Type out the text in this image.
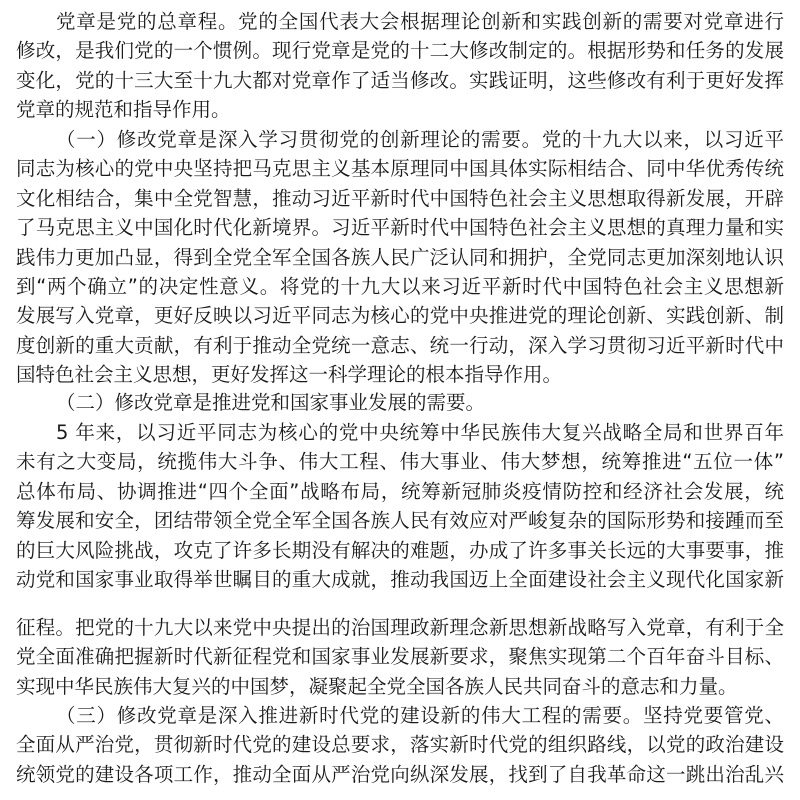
党章是党的总章程。党的全国代表大会根据理论创新和实践创新的需要对党章进行
修改，是我们党的一个惯例。现行党章是党的十二大修改制定的。根据形势和任务的发展
变化，党的十三大至十九大都对党章作了适当修改。实践证明，这些修改有利于更好发挥
党章的规范和指导作用。
（一）修改党章是深入学习贯彻党的创新理论的需要。党的十九大以来，以习近平
同志为核心的党中央坚持把马克思主义基本原理同中国具体实际相结合、同中华优秀传统
文化相结合，集中全党智慧，推动习近平新时代中国特色社会主义思想取得新发展，开辟
了马克思主义中国化时代化新境界。习近平新时代中国特色社会主义思想的真理力量和实
践伟力更加凸显，得到全党全军全国各族人民广泛认同和拥护，全党同志更加深刻地认识
到“两个确立”的决定性意义。将党的十九大以来习近平新时代中国特色社会主义思想新
发展写入党章，更好反映以习近平同志为核心的党中央推进党的理论创新、实践创新、制
度创新的重大贡献，有利于推动全党统一意志、统一行动，深入学习贯彻习近平新时代中
国特色社会主义思想，更好发挥这一科学理论的根本指导作用。
（二）修改党章是推进党和国家事业发展的需要。
5 年来，以习近平同志为核心的党中央统筹中华民族伟大复兴战略全局和世界百年
未有之大变局，统揽伟大斗争、伟大工程、伟大事业、伟大梦想，统筹推进“五位一体”
总体布局、协调推进“四个全面”战略布局，统筹新冠肺炎疫情防控和经济社会发展，统
筹发展和安全，团结带领全党全军全国各族人民有效应对严峻复杂的国际形势和接踵而至
的巨大风险挑战，攻克了许多长期没有解决的难题，办成了许多事关长远的大事要事，推
动党和国家事业取得举世瞩目的重大成就，推动我国迈上全面建设社会主义现代化国家新
征程。把党的十九大以来党中央提出的治国理政新理念新思想新战略写入党章，有利于全
党全面准确把握新时代新征程党和国家事业发展新要求，聚焦实现第二个百年奋斗目标、
实现中华民族伟大复兴的中国梦，凝聚起全党全国各族人民共同奋斗的意志和力量。
（三）修改党章是深入推进新时代党的建设新的伟大工程的需要。坚持党要管党、
全面从严治党，贯彻新时代党的建设总要求，落实新时代党的组织路线，以党的政治建设
统领党的建设各项工作，推动全面从严治党向纵深发展，找到了自我革命这一跳出治乱兴
